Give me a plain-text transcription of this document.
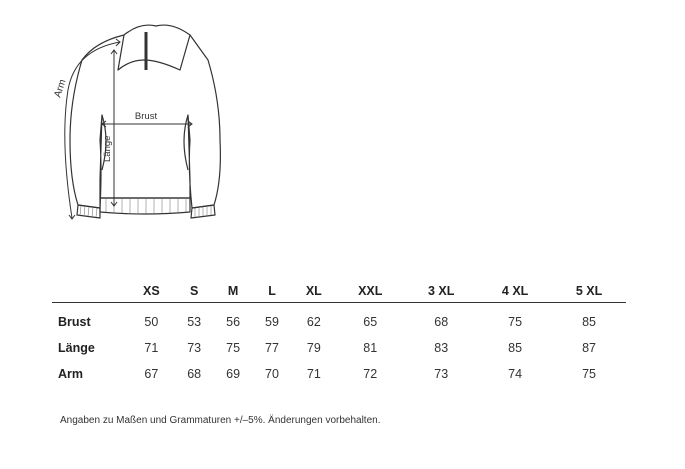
Brust
Länge
Arm
	XS	S	M	L	XL	XXL	3 XL	4 XL	5 XL
Brust	50	53	56	59	62	65	68	75	85
Länge	71	73	75	77	79	81	83	85	87
Arm	67	68	69	70	71	72	73	74	75
Angaben zu Maßen und Grammaturen +/–5%. Änderungen vorbehalten.
